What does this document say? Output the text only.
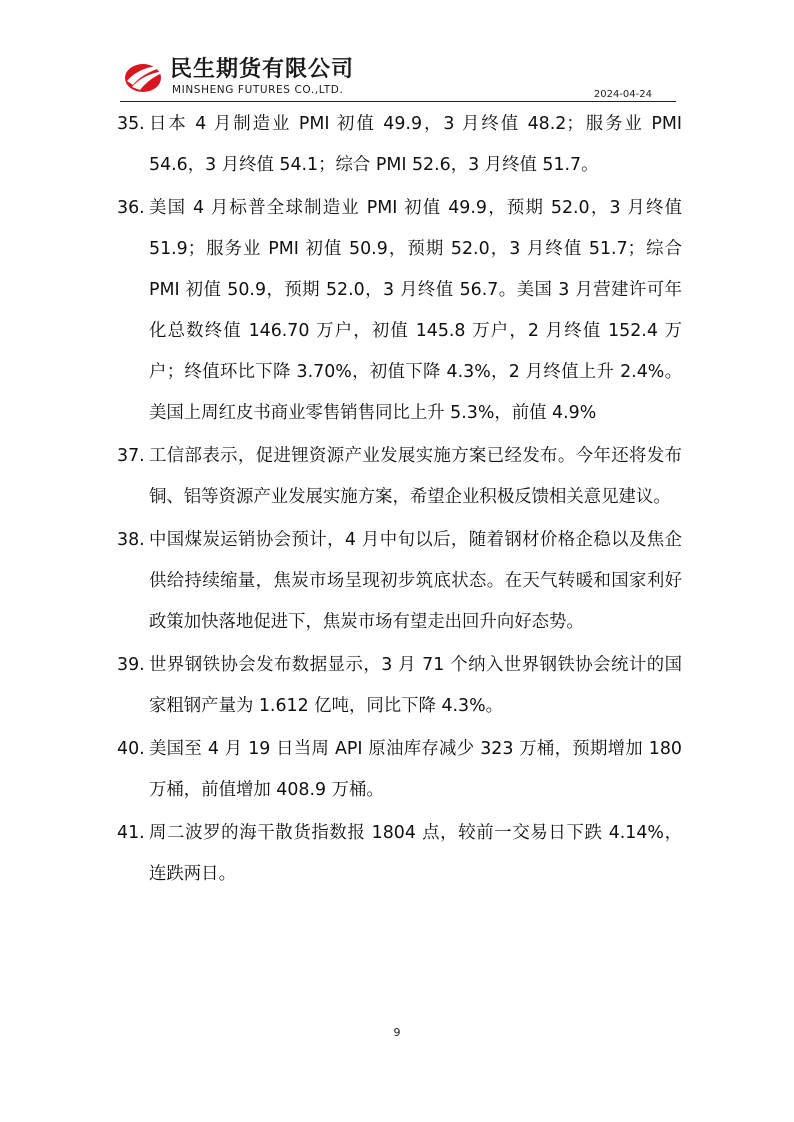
民生期货有限公司
MINSHENG FUTURES CO.,LTD.	2024-04-24
35. 日本 4 月制造业 PMI 初值 49.9，3 月终值 48.2；服务业 PMI 54.6，3 月终值 54.1；综合 PMI 52.6，3 月终值 51.7。
36. 美国 4 月标普全球制造业 PMI 初值 49.9，预期 52.0，3 月终值 51.9；服务业 PMI 初值 50.9，预期 52.0，3 月终值 51.7；综合 PMI 初值 50.9，预期 52.0，3 月终值 56.7。美国 3 月营建许可年化总数终值 146.70 万户，初值 145.8 万户，2 月终值 152.4 万户；终值环比下降 3.70%，初值下降 4.3%，2 月终值上升 2.4%。美国上周红皮书商业零售销售同比上升 5.3%，前值 4.9%
37. 工信部表示，促进锂资源产业发展实施方案已经发布。今年还将发布铜、铝等资源产业发展实施方案，希望企业积极反馈相关意见建议。
38. 中国煤炭运销协会预计，4 月中旬以后，随着钢材价格企稳以及焦企供给持续缩量，焦炭市场呈现初步筑底状态。在天气转暖和国家利好政策加快落地促进下，焦炭市场有望走出回升向好态势。
39. 世界钢铁协会发布数据显示，3 月 71 个纳入世界钢铁协会统计的国家粗钢产量为 1.612 亿吨，同比下降 4.3%。
40. 美国至 4 月 19 日当周 API 原油库存减少 323 万桶，预期增加 180 万桶，前值增加 408.9 万桶。
41. 周二波罗的海干散货指数报 1804 点，较前一交易日下跌 4.14%，连跌两日。
9
